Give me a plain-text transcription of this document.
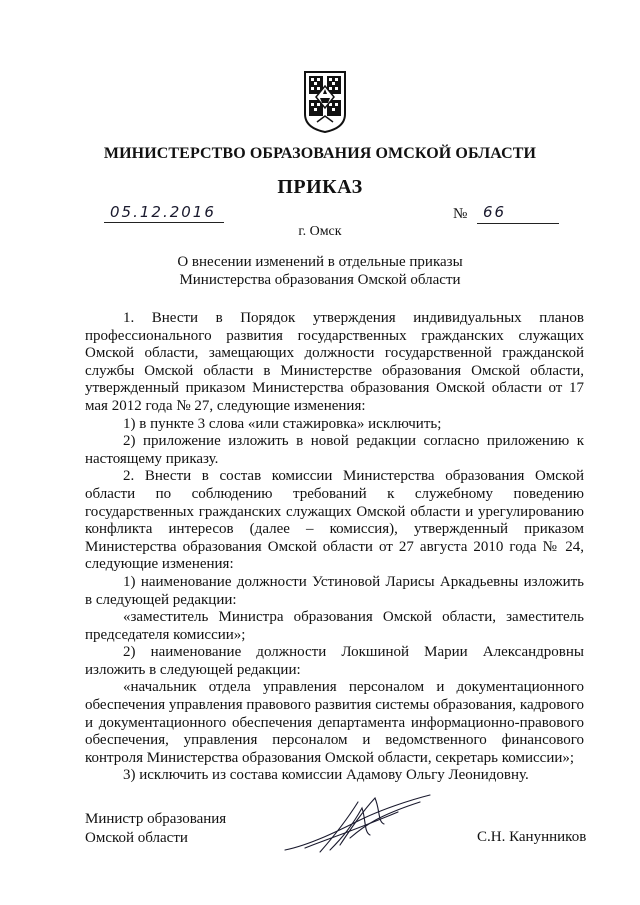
МИНИСТЕРСТВО ОБРАЗОВАНИЯ ОМСКОЙ ОБЛАСТИ
ПРИКАЗ
05.12.2016	№ 66
г. Омск
О внесении изменений в отдельные приказы
Министерства образования Омской области

1. Внести в Порядок утверждения индивидуальных планов профессионального развития государственных гражданских служащих Омской области, замещающих должности государственной гражданской службы Омской области в Министерстве образования Омской области, утвержденный приказом Министерства образования Омской области от 17 мая 2012 года № 27, следующие изменения:

1) в пункте 3 слова «или стажировка» исключить;

2) приложение изложить в новой редакции согласно приложению к настоящему приказу.

2. Внести в состав комиссии Министерства образования Омской области по соблюдению требований к служебному поведению государственных гражданских служащих Омской области и урегулированию конфликта интересов (далее – комиссия), утвержденный приказом Министерства образования Омской области от 27 августа 2010 года № 24, следующие изменения:

1) наименование должности Устиновой Ларисы Аркадьевны изложить в следующей редакции:

«заместитель Министра образования Омской области, заместитель председателя комиссии»;

2) наименование должности Локшиной Марии Александровны изложить в следующей редакции:

«начальник отдела управления персоналом и документационного обеспечения управления правового развития системы образования, кадрового и документационного обеспечения департамента информационно-правового обеспечения, управления персоналом и ведомственного финансового контроля Министерства образования Омской области, секретарь комиссии»;

3) исключить из состава комиссии Адамову Ольгу Леонидовну.

Министр образования
Омской области	С.Н. Канунников
